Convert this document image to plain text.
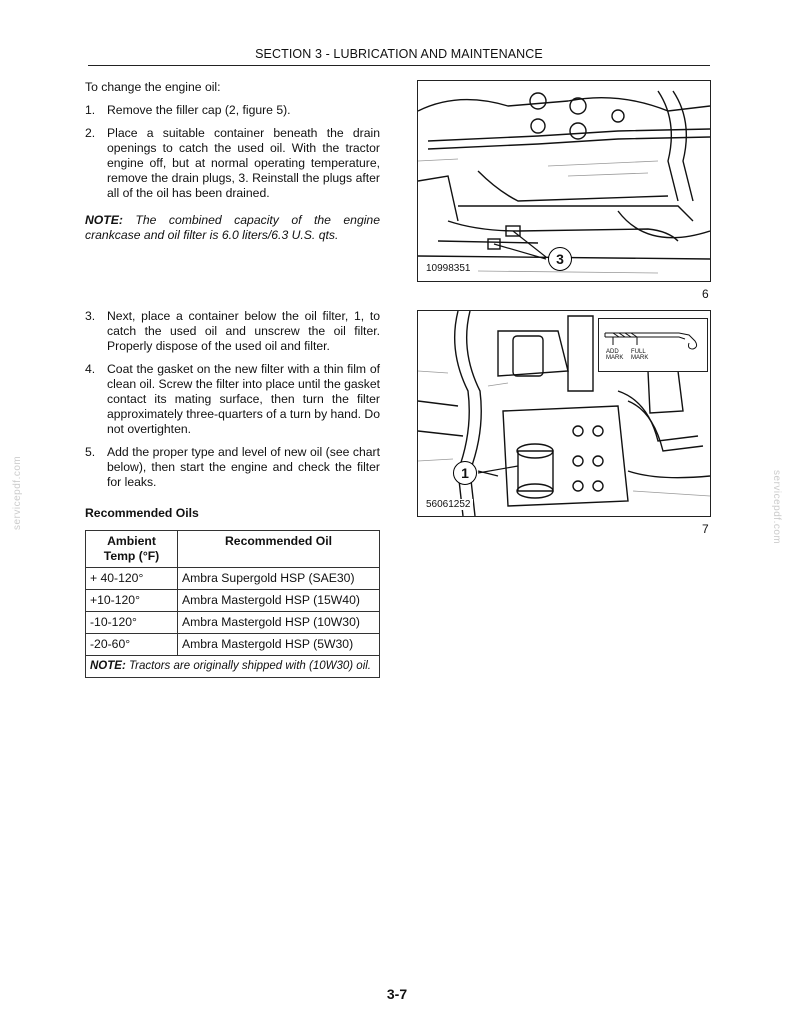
SECTION 3 - LUBRICATION AND MAINTENANCE

To change the engine oil:

1. Remove the filler cap (2, figure 5).
2. Place a suitable container beneath the drain openings to catch the used oil. With the tractor engine off, but at normal operating temperature, remove the drain plugs, 3. Reinstall the plugs after all of the oil has been drained.

NOTE: The combined capacity of the engine crankcase and oil filter is 6.0 liters/6.3 U.S. qts.

3. Next, place a container below the oil filter, 1, to catch the used oil and unscrew the oil filter. Properly dispose of the used oil and filter.
4. Coat the gasket on the new filter with a thin film of clean oil. Screw the filter into place until the gasket contact its mating surface, then turn the filter approximately three-quarters of a turn by hand. Do not overtighten.
5. Add the proper type and level of new oil (see chart below), then start the engine and check the filter for leaks.
Recommended Oils
Ambient Temp (°F)	Recommended Oil
+ 40-120°	Ambra Supergold HSP (SAE30)
+10-120°	Ambra Mastergold HSP (15W40)
-10-120°	Ambra Mastergold HSP (10W30)
-20-60°	Ambra Mastergold HSP (5W30)
NOTE: Tractors are originally shipped with (10W30) oil.	
3
10998351
6
1
56061252
ADD MARK
FULL MARK
7
servicepdf.com	servicepdf.com
3-7
